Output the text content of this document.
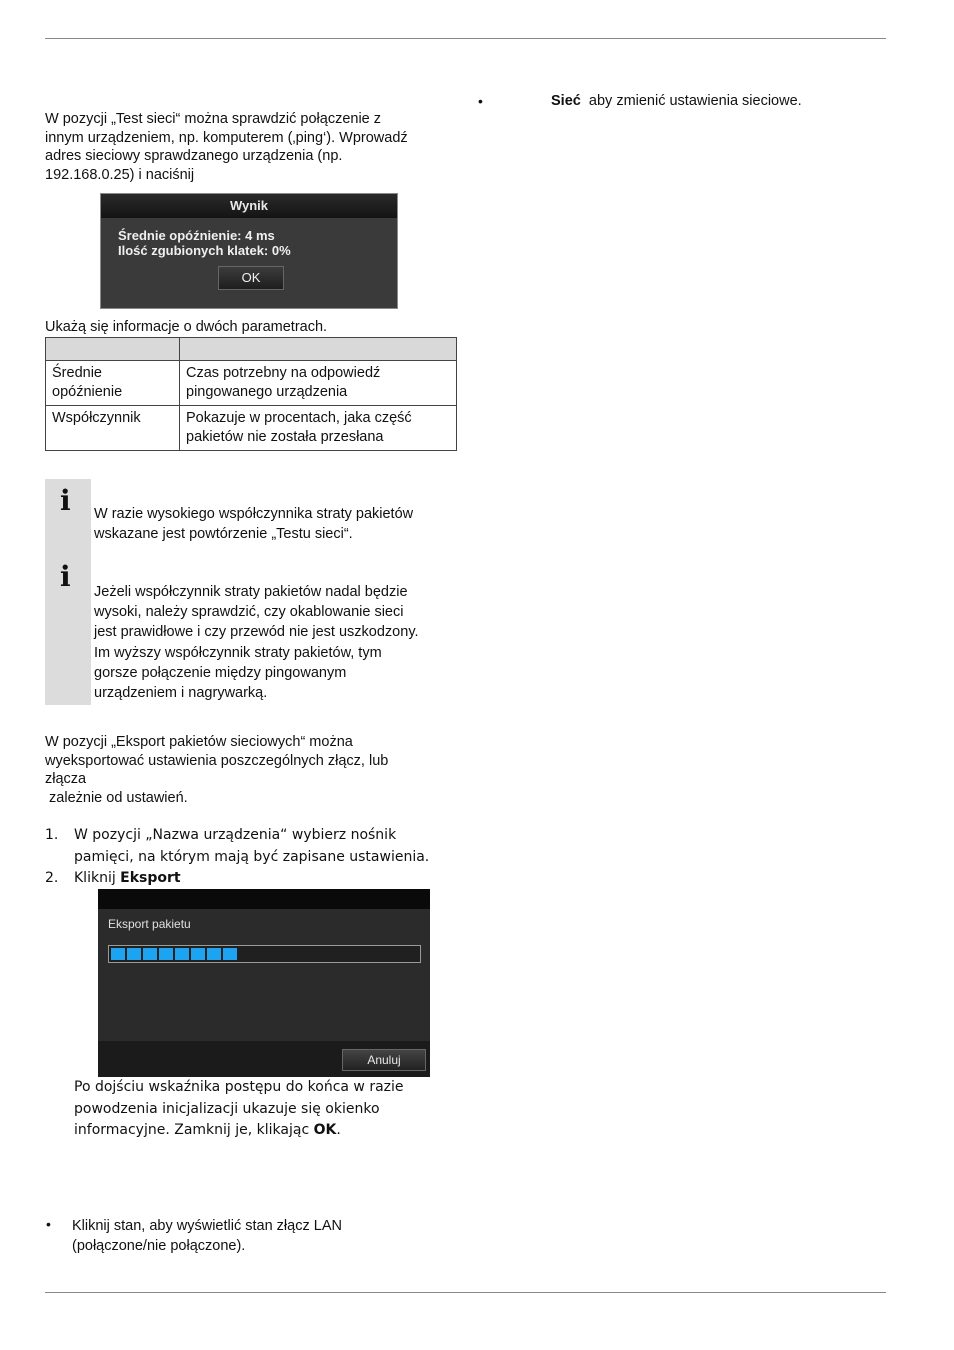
W pozycji „Test sieci“ można sprawdzić połączenie z
innym urządzeniem, np. komputerem (‚ping‘). Wprowadź
adres sieciowy sprawdzanego urządzenia (np.
192.168.0.25) i naciśnij

Wynik
Średnie opóźnienie: 4 ms
Ilość zgubionych klatek: 0%
OK

Ukażą się informacje o dwóch parametrach.

Średnie
opóźnienie	Czas potrzebny na odpowiedź
pingowanego urządzenia
Współczynnik	Pokazuje w procentach, jaka część
pakietów nie została przesłana
i W razie wysokiego współczynnika straty pakietów
wskazane jest powtórzenie „Testu sieci“.

i Jeżeli współczynnik straty pakietów nadal będzie
wysoki, należy sprawdzić, czy okablowanie sieci
jest prawidłowe i czy przewód nie jest uszkodzony.
Im wyższy współczynnik straty pakietów, tym
gorsze połączenie między pingowanym
urządzeniem i nagrywarką.

W pozycji „Eksport pakietów sieciowych“ można
wyeksportować ustawienia poszczególnych złącz, lub
złącza
zależnie od ustawień.

1. W pozycji „Nazwa urządzenia“ wybierz nośnik
pamięci, na którym mają być zapisane ustawienia.

2. Kliknij Eksport

Eksport pakietu
Anuluj

Po dojściu wskaźnika postępu do końca w razie
powodzenia inicjalizacji ukazuje się okienko
informacyjne. Zamknij je, klikając OK.

• Kliknij stan, aby wyświetlić stan złącz LAN
(połączone/nie połączone).

•	Sieć aby zmienić ustawienia sieciowe.
